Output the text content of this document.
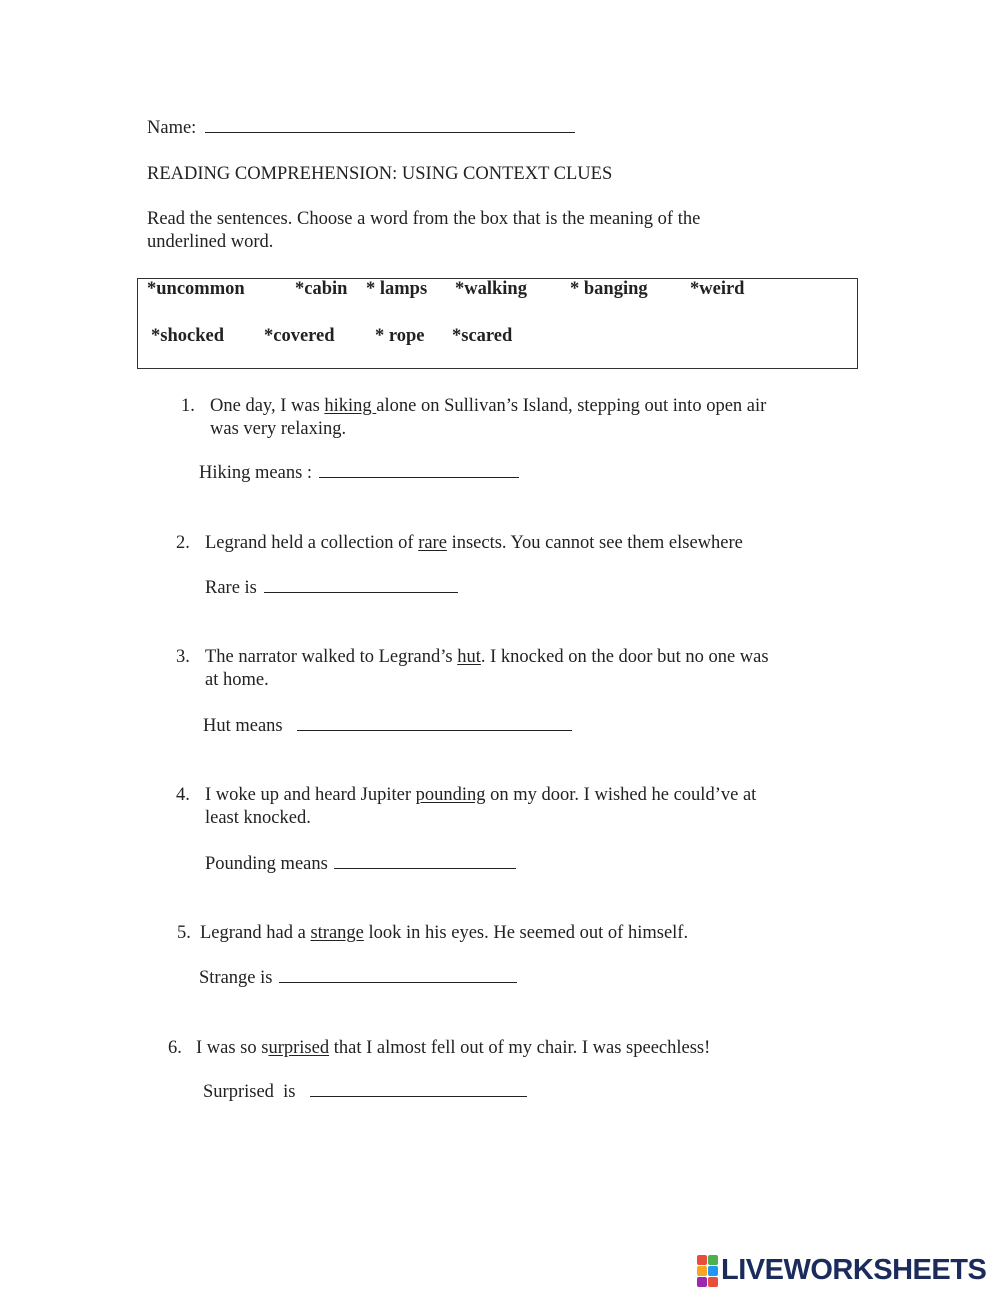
Name:
READING COMPREHENSION: USING CONTEXT CLUES
Read the sentences. Choose a word from the box that is the meaning of the
underlined word.
*uncommon	*cabin * lamps *walking * banging *weird
*shocked *covered * rope *scared
1. One day, I was hiking alone on Sullivan’s Island, stepping out into open air
was very relaxing.
Hiking means :
2. Legrand held a collection of rare insects. You cannot see them elsewhere
Rare is
3. The narrator walked to Legrand’s hut. I knocked on the door but no one was
at home.
Hut means
4. I woke up and heard Jupiter pounding on my door. I wished he could’ve at
least knocked.
Pounding means
5. Legrand had a strange look in his eyes. He seemed out of himself.
Strange is
6. I was so surprised that I almost fell out of my chair. I was speechless!
Surprised  is
LIVEWORKSHEETS
